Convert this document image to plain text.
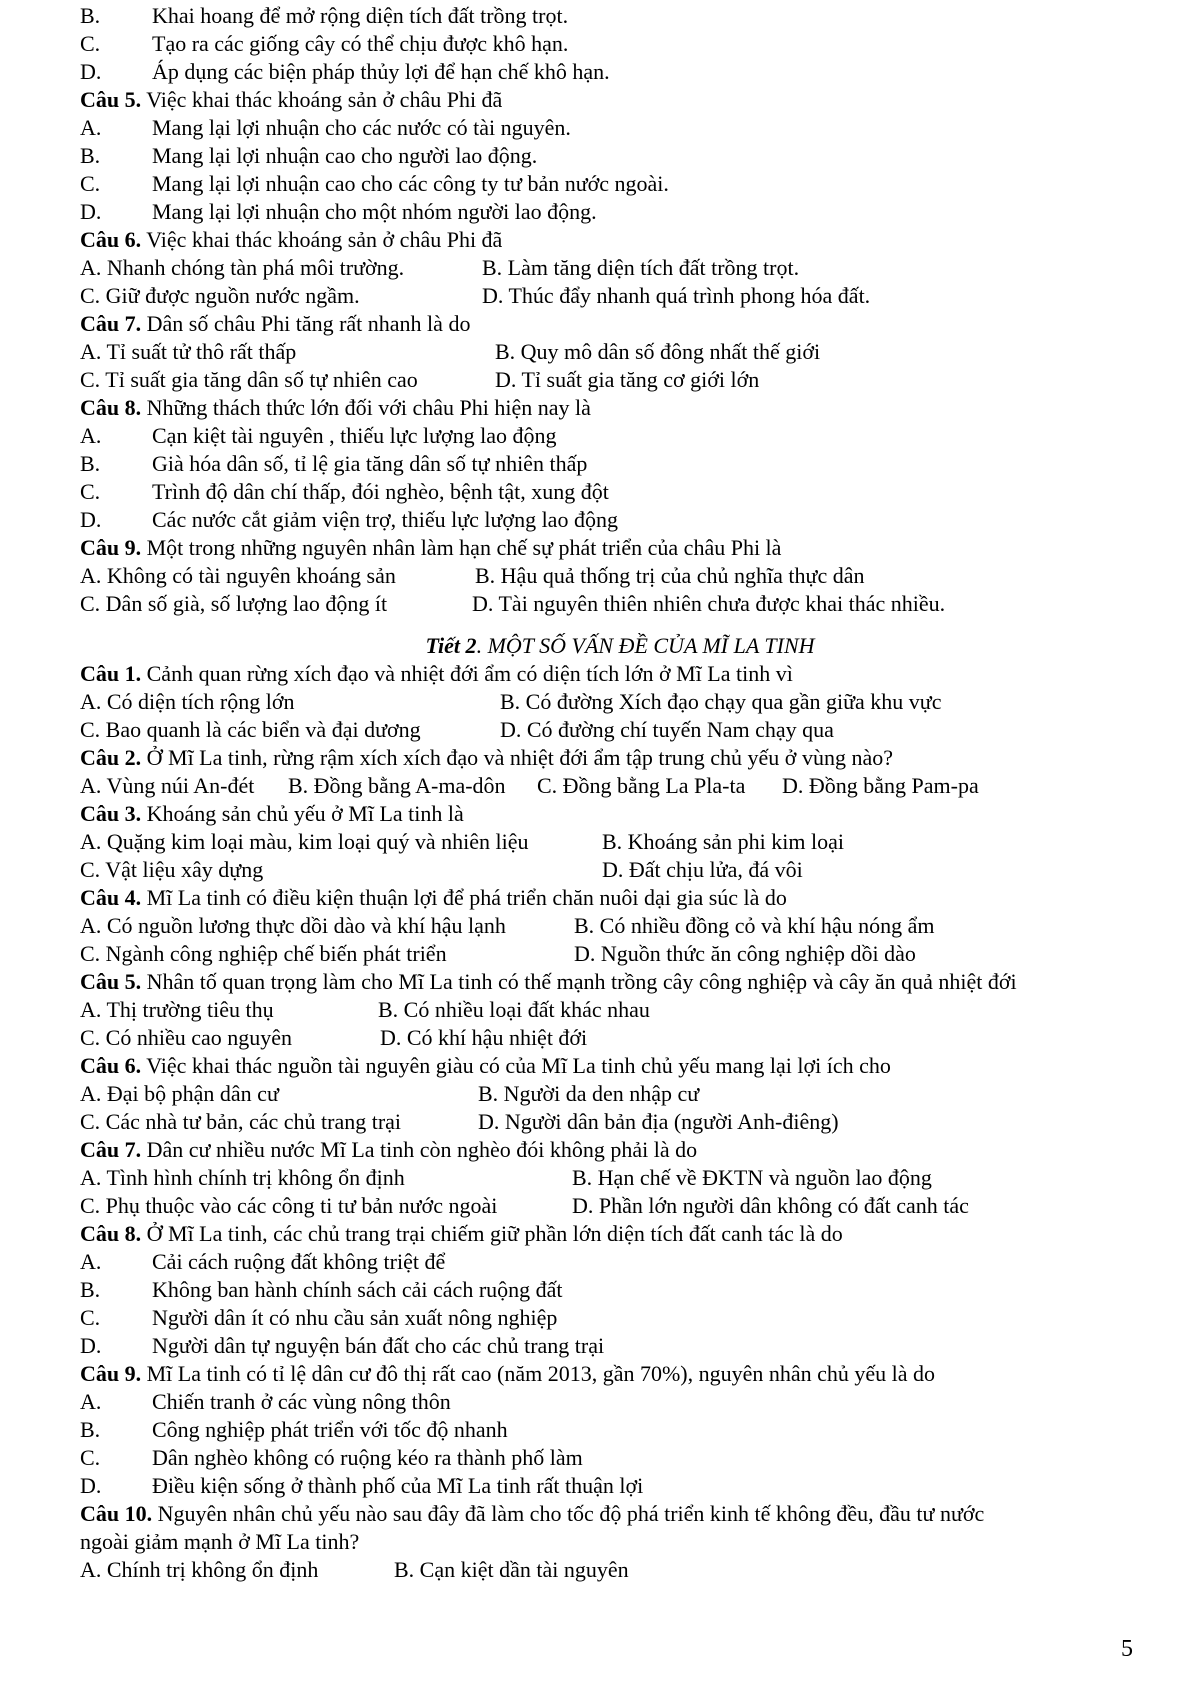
B. Khai hoang để mở rộng diện tích đất trồng trọt.
C. Tạo ra các giống cây có thể chịu được khô hạn.
D. Áp dụng các biện pháp thủy lợi để hạn chế khô hạn.
Câu 5. Việc khai thác khoáng sản ở châu Phi đã
A. Mang lại lợi nhuận cho các nước có tài nguyên.
B. Mang lại lợi nhuận cao cho người lao động.
C. Mang lại lợi nhuận cao cho các công ty tư bản nước ngoài.
D. Mang lại lợi nhuận cho một nhóm người lao động.
Câu 6. Việc khai thác khoáng sản ở châu Phi đã
A. Nhanh chóng tàn phá môi trường.	B. Làm tăng diện tích đất trồng trọt.
C. Giữ được nguồn nước ngầm.	D. Thúc đẩy nhanh quá trình phong hóa đất.
Câu 7. Dân số châu Phi tăng rất nhanh là do
A. Tỉ suất tử thô rất thấp	B. Quy mô dân số đông nhất thế giới
C. Tỉ suất gia tăng dân số tự nhiên cao	D. Tỉ suất gia tăng cơ giới lớn
Câu 8. Những thách thức lớn đối với châu Phi hiện nay là
A. Cạn kiệt tài nguyên , thiếu lực lượng lao động
B. Già hóa dân số, tỉ lệ gia tăng dân số tự nhiên thấp
C. Trình độ dân chí thấp, đói nghèo, bệnh tật, xung đột
D. Các nước cắt giảm viện trợ, thiếu lực lượng lao động
Câu 9. Một trong những nguyên nhân làm hạn chế sự phát triển của châu Phi là
A. Không có tài nguyên khoáng sản	B. Hậu quả thống trị của chủ nghĩa thực dân
C. Dân số già, số lượng lao động ít	D. Tài nguyên thiên nhiên chưa được khai thác nhiều.
Tiết 2. MỘT SỐ VẤN ĐỀ CỦA MĨ LA TINH
Câu 1. Cảnh quan rừng xích đạo và nhiệt đới ẩm có diện tích lớn ở Mĩ La tinh vì
A. Có diện tích rộng lớn	B. Có đường Xích đạo chạy qua gần giữa khu vực
C. Bao quanh là các biển và đại dương	D. Có đường chí tuyến Nam chạy qua
Câu 2. Ở Mĩ La tinh, rừng rậm xích xích đạo và nhiệt đới ẩm tập trung chủ yếu ở vùng nào?
A. Vùng núi An-đét B. Đồng bằng A-ma-dôn C. Đồng bằng La Pla-ta D. Đồng bằng Pam-pa
Câu 3. Khoáng sản chủ yếu ở Mĩ La tinh là
A. Quặng kim loại màu, kim loại quý và nhiên liệu	B. Khoáng sản phi kim loại
C. Vật liệu xây dựng	D. Đất chịu lửa, đá vôi
Câu 4. Mĩ La tinh có điều kiện thuận lợi để phá triển chăn nuôi dại gia súc là do
A. Có nguồn lương thực dồi dào và khí hậu lạnh	B. Có nhiều đồng cỏ và khí hậu nóng ẩm
C. Ngành công nghiệp chế biến phát triển	D. Nguồn thức ăn công nghiệp dồi dào
Câu 5. Nhân tố quan trọng làm cho Mĩ La tinh có thế mạnh trồng cây công nghiệp và cây ăn quả nhiệt đới
A. Thị trường tiêu thụ	B. Có nhiều loại đất khác nhau
C. Có nhiều cao nguyên	D. Có khí hậu nhiệt đới
Câu 6. Việc khai thác nguồn tài nguyên giàu có của Mĩ La tinh chủ yếu mang lại lợi ích cho
A. Đại bộ phận dân cư	B. Người da den nhập cư
C. Các nhà tư bản, các chủ trang trại	D. Người dân bản địa (người Anh-điêng)
Câu 7. Dân cư nhiều nước Mĩ La tinh còn nghèo đói không phải là do
A. Tình hình chính trị không ổn định	B. Hạn chế về ĐKTN và nguồn lao động
C. Phụ thuộc vào các công ti tư bản nước ngoài	D. Phần lớn người dân không có đất canh tác
Câu 8. Ở Mĩ La tinh, các chủ trang trại chiếm giữ phần lớn diện tích đất canh tác là do
A. Cải cách ruộng đất không triệt để
B. Không ban hành chính sách cải cách ruộng đất
C. Người dân ít có nhu cầu sản xuất nông nghiệp
D. Người dân tự nguyện bán đất cho các chủ trang trại
Câu 9. Mĩ La tinh có tỉ lệ dân cư đô thị rất cao (năm 2013, gần 70%), nguyên nhân chủ yếu là do
A. Chiến tranh ở các vùng nông thôn
B. Công nghiệp phát triển với tốc độ nhanh
C. Dân nghèo không có ruộng kéo ra thành phố làm
D. Điều kiện sống ở thành phố của Mĩ La tinh rất thuận lợi
Câu 10. Nguyên nhân chủ yếu nào sau đây đã làm cho tốc độ phá triển kinh tế không đều, đầu tư nước
ngoài giảm mạnh ở Mĩ La tinh?
A. Chính trị không ổn định	B. Cạn kiệt dần tài nguyên
5
